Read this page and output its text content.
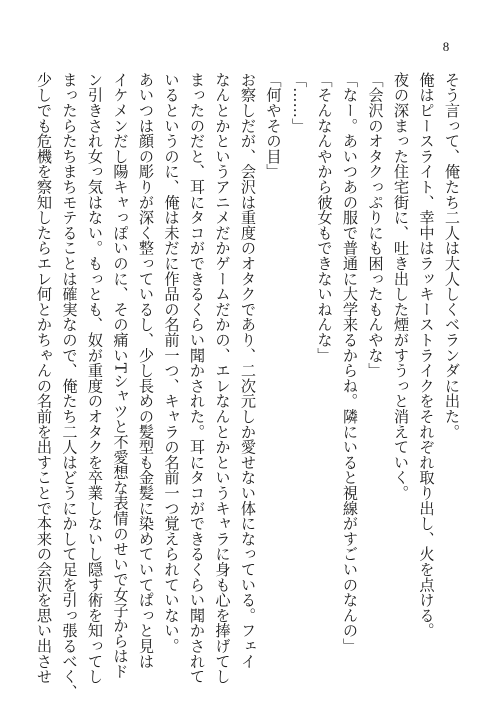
8
そう言って、俺たち二人は大人しくベランダに出た。
俺はピースライト、幸中はラッキーストライクをそれぞれ取り出し、火を点ける。
夜の深まった住宅街に、吐き出した煙がすうっと消えていく。
「会沢のオタクっぷりにも困ったもんやな」
「なー。あいつあの服で普通に大学来るからね。隣にいると視線がすごいのなんの」
「そんなんやから彼女もできないねんな」
「……」
「何やその目」
お察しだが、会沢は重度のオタクであり、二次元しか愛せない体になっている。フェイ
なんとかというアニメだかゲームだかの、エレなんとかというキャラに身も心を捧げてし
まったのだと、耳にタコができるくらい聞かされた。耳にタコができるくらい聞かされて
いるというのに、俺は未だに作品の名前一つ、キャラの名前一つ覚えられていない。
あいつは顔の彫りが深く整っているし、少し長めの髪型も金髪に染めていてぱっと見は
イケメンだし陽キャっぽいのに、その痛いTシャツと不愛想な表情のせいで女子からはド
ン引きされ女っ気はない。もっとも、奴が重度のオタクを卒業しないし隠す術を知ってし
まったらたちまちモテることは確実なので、俺たち二人はどうにかして足を引っ張るべく、
少しでも危機を察知したらエレ何とかちゃんの名前を出すことで本来の会沢を思い出させ
